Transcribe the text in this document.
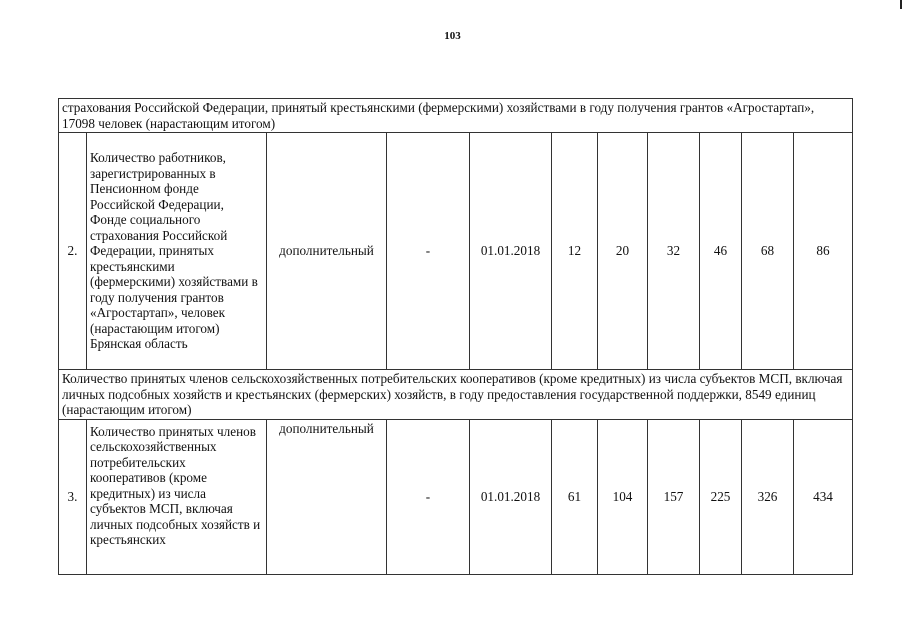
103
страхования Российской Федерации, принятый крестьянскими (фермерскими) хозяйствами в году получения грантов «Агростартап», 17098 человек (нарастающим итогом)										
2.	Количество работников, зарегистрированных в Пенсионном фонде Российской Федерации, Фонде социального страхования Российской Федерации, принятых крестьянскими (фермерскими) хозяйствами в году получения грантов «Агростартап», человек (нарастающим итогом) Брянская область	дополнительный	-	01.01.2018	12	20	32	46	68	86
Количество принятых членов сельскохозяйственных потребительских кооперативов (кроме кредитных) из числа субъектов МСП, включая личных подсобных хозяйств и крестьянских (фермерских) хозяйств, в году предоставления государственной поддержки, 8549 единиц (нарастающим итогом)										
3.	Количество принятых членов сельскохозяйственных потребительских кооперативов (кроме кредитных) из числа субъектов МСП, включая личных подсобных хозяйств и крестьянских	дополнительный	-	01.01.2018	61	104	157	225	326	434
